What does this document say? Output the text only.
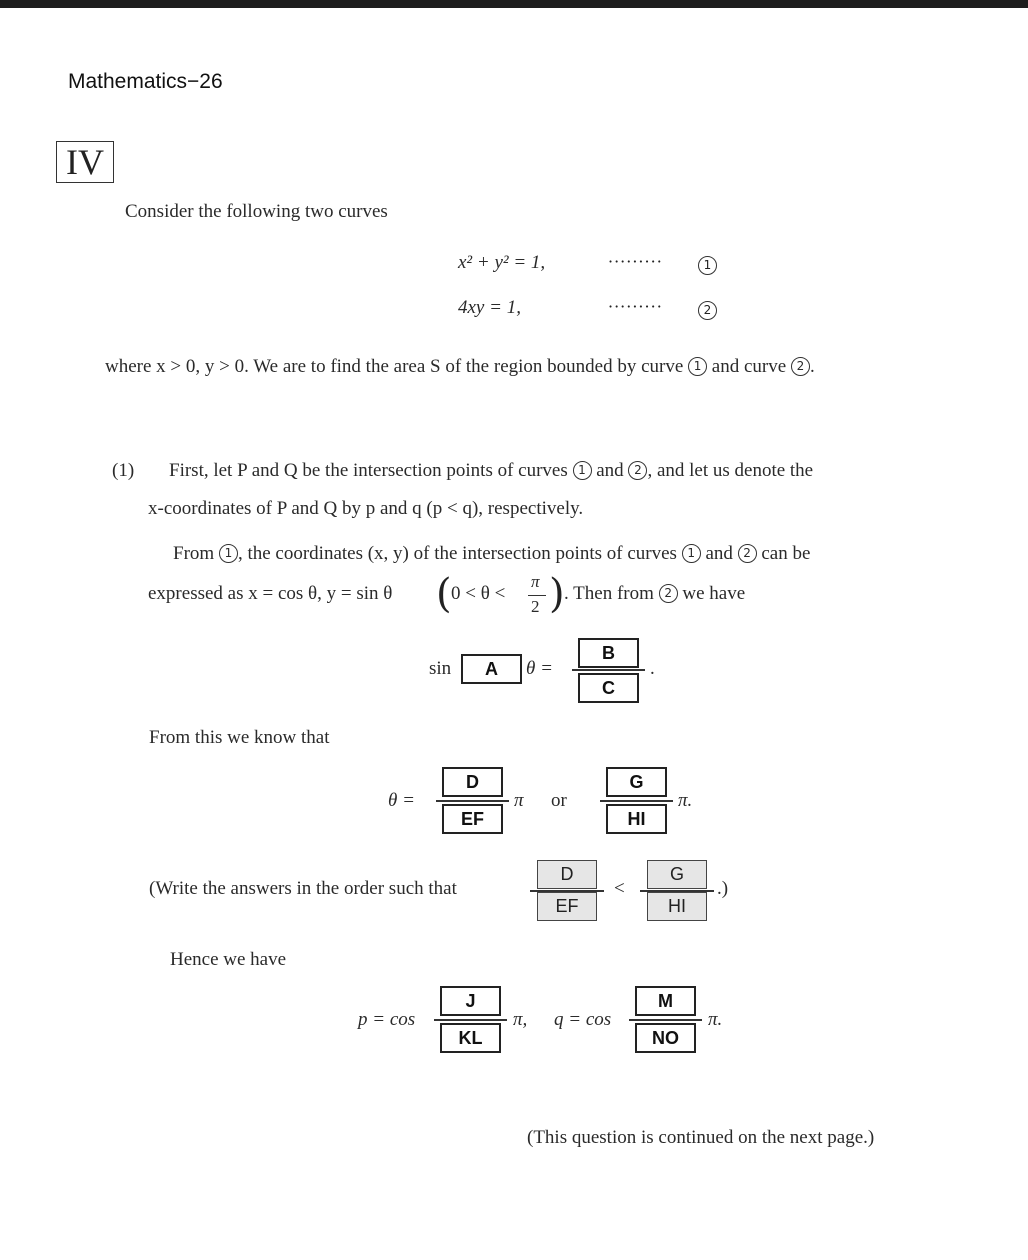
Mathematics−26
IV
Consider the following two curves
x² + y² = 1,	·········	1
4xy = 1,	·········	2
where x > 0, y > 0. We are to find the area S of the region bounded by curve 1 and curve 2 .
(1) First, let P and Q be the intersection points of curves 1 and 2 , and let us denote the
x-coordinates of P and Q by p and q (p < q), respectively.
From 1 , the coordinates (x, y) of the intersection points of curves 1 and 2 can be
expressed as x = cos θ, y = sin θ ( 0 < θ <
π
2 ) . Then from 2 we have
sin	A	θ =
B
C
.
From this we know that
θ =
D
EF
π or
G
HI
π.
(Write the answers in the order such that
D
EF
<
G
HI
.)
Hence we have
p = cos
J
KL
π, q = cos
M
NO
π.
(This question is continued on the next page.)
